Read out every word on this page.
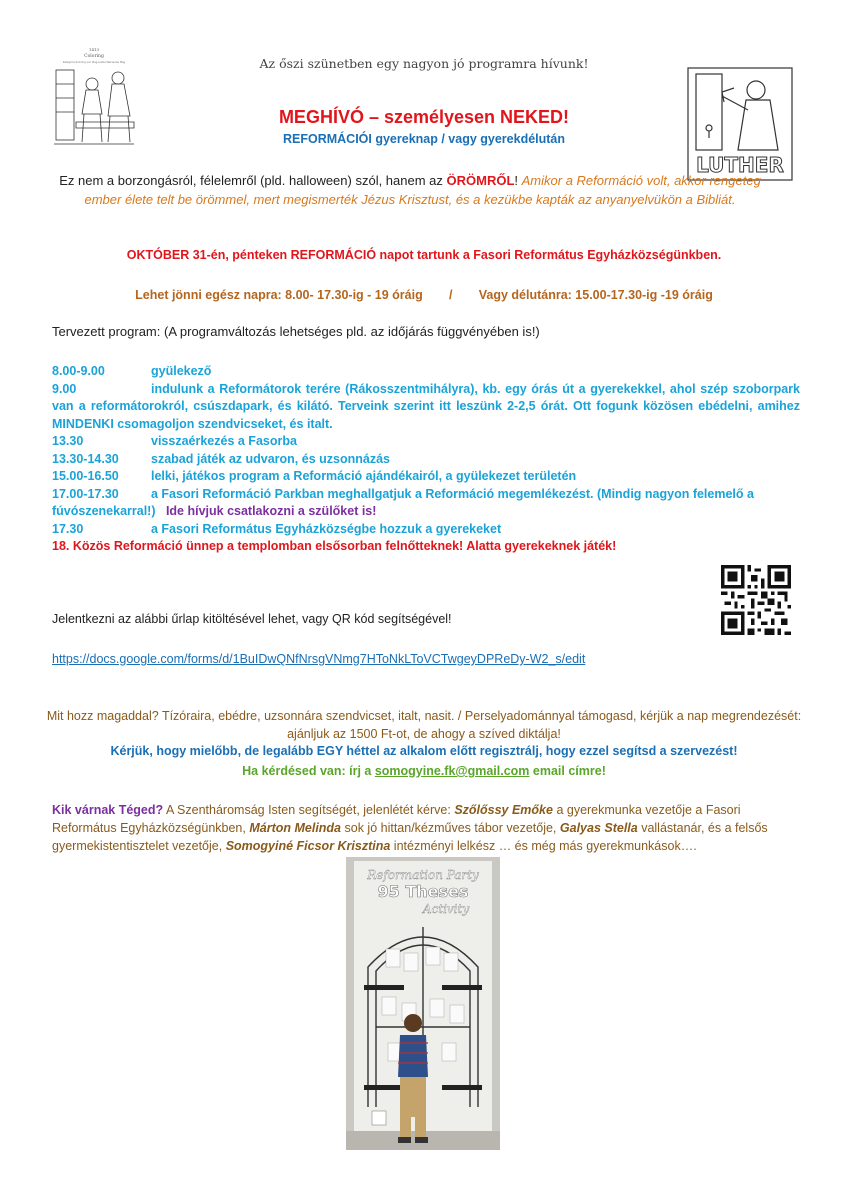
1413
Coloring
Kategória Koloring von Mag-Lobba-Wersenbe Mag
LUTHER
Az őszi szünetben egy nagyon jó programra hívunk!
MEGHÍVÓ – személyesen NEKED!
REFORMÁCIÓI gyereknap / vagy gyerekdélután
Ez nem a borzongásról, félelemről (pld. halloween) szól, hanem az ÖRÖMRŐL! Amikor a Reformáció volt, akkor rengeteg ember élete telt be örömmel, mert megismerték Jézus Krisztust, és a kezükbe kapták az anyanyelvükön a Bibliát.
OKTÓBER 31-én, pénteken REFORMÁCIÓ napot tartunk a Fasori Református Egyházközségünkben.
Lehet jönni egész napra: 8.00- 17.30-ig - 19 óráig / Vagy délutánra: 15.00-17.30-ig -19 óráig
Tervezett program: (A programváltozás lehetséges pld. az időjárás függvényében is!)
8.00-9.00	gyülekező
9.00	indulunk a Reformátorok terére (Rákosszentmihályra), kb. egy órás út a gyerekekkel, ahol szép szoborpark van a reformátorokról, csúszdapark, és kilátó. Terveink szerint itt leszünk 2-2,5 órát. Ott fogunk közösen ebédelni, amihez MINDENKI csomagoljon szendvicseket, és italt.
13.30	visszaérkezés a Fasorba
13.30-14.30	szabad játék az udvaron, és uzsonnázás
15.00-16.50	lelki, játékos program a Reformáció ajándékairól, a gyülekezet területén
17.00-17.30	a Fasori Reformáció Parkban meghallgatjuk a Reformáció megemlékezést. (Mindig nagyon felemelő a fúvószenekarral!) Ide hívjuk csatlakozni a szülőket is!
17.30	a Fasori Református Egyházközségbe hozzuk a gyerekeket
18. Közös Reformáció ünnep a templomban elsősorban felnőtteknek! Alatta gyerekeknek játék!
Jelentkezni az alábbi űrlap kitöltésével lehet, vagy QR kód segítségével!
https://docs.google.com/forms/d/1BuIDwQNfNrsgVNmg7HToNkLToVCTwgeyDPReDy-W2_s/edit
Mit hozz magaddal? Tízóraira, ebédre, uzsonnára szendvicset, italt, nasit. / Perselyadománnyal támogasd, kérjük a nap megrendezését: ajánljuk az 1500 Ft-ot, de ahogy a szíved diktálja!
Kérjük, hogy mielőbb, de legalább EGY héttel az alkalom előtt regisztrálj, hogy ezzel segítsd a szervezést!
Ha kérdésed van: írj a somogyine.fk@gmail.com email címre!
Kik várnak Téged? A Szentháromság Isten segítségét, jelenlétét kérve: Szőlőssy Emőke a gyerekmunka vezetője a Fasori Református Egyházközségünkben, Márton Melinda sok jó hittan/kézműves tábor vezetője, Galyas Stella vallástanár, és a felsős gyermekistentisztelet vezetője, Somogyiné Ficsor Krisztina intézményi lelkész … és még más gyerekmunkások….
Reformation Party
95 Theses
Activity
